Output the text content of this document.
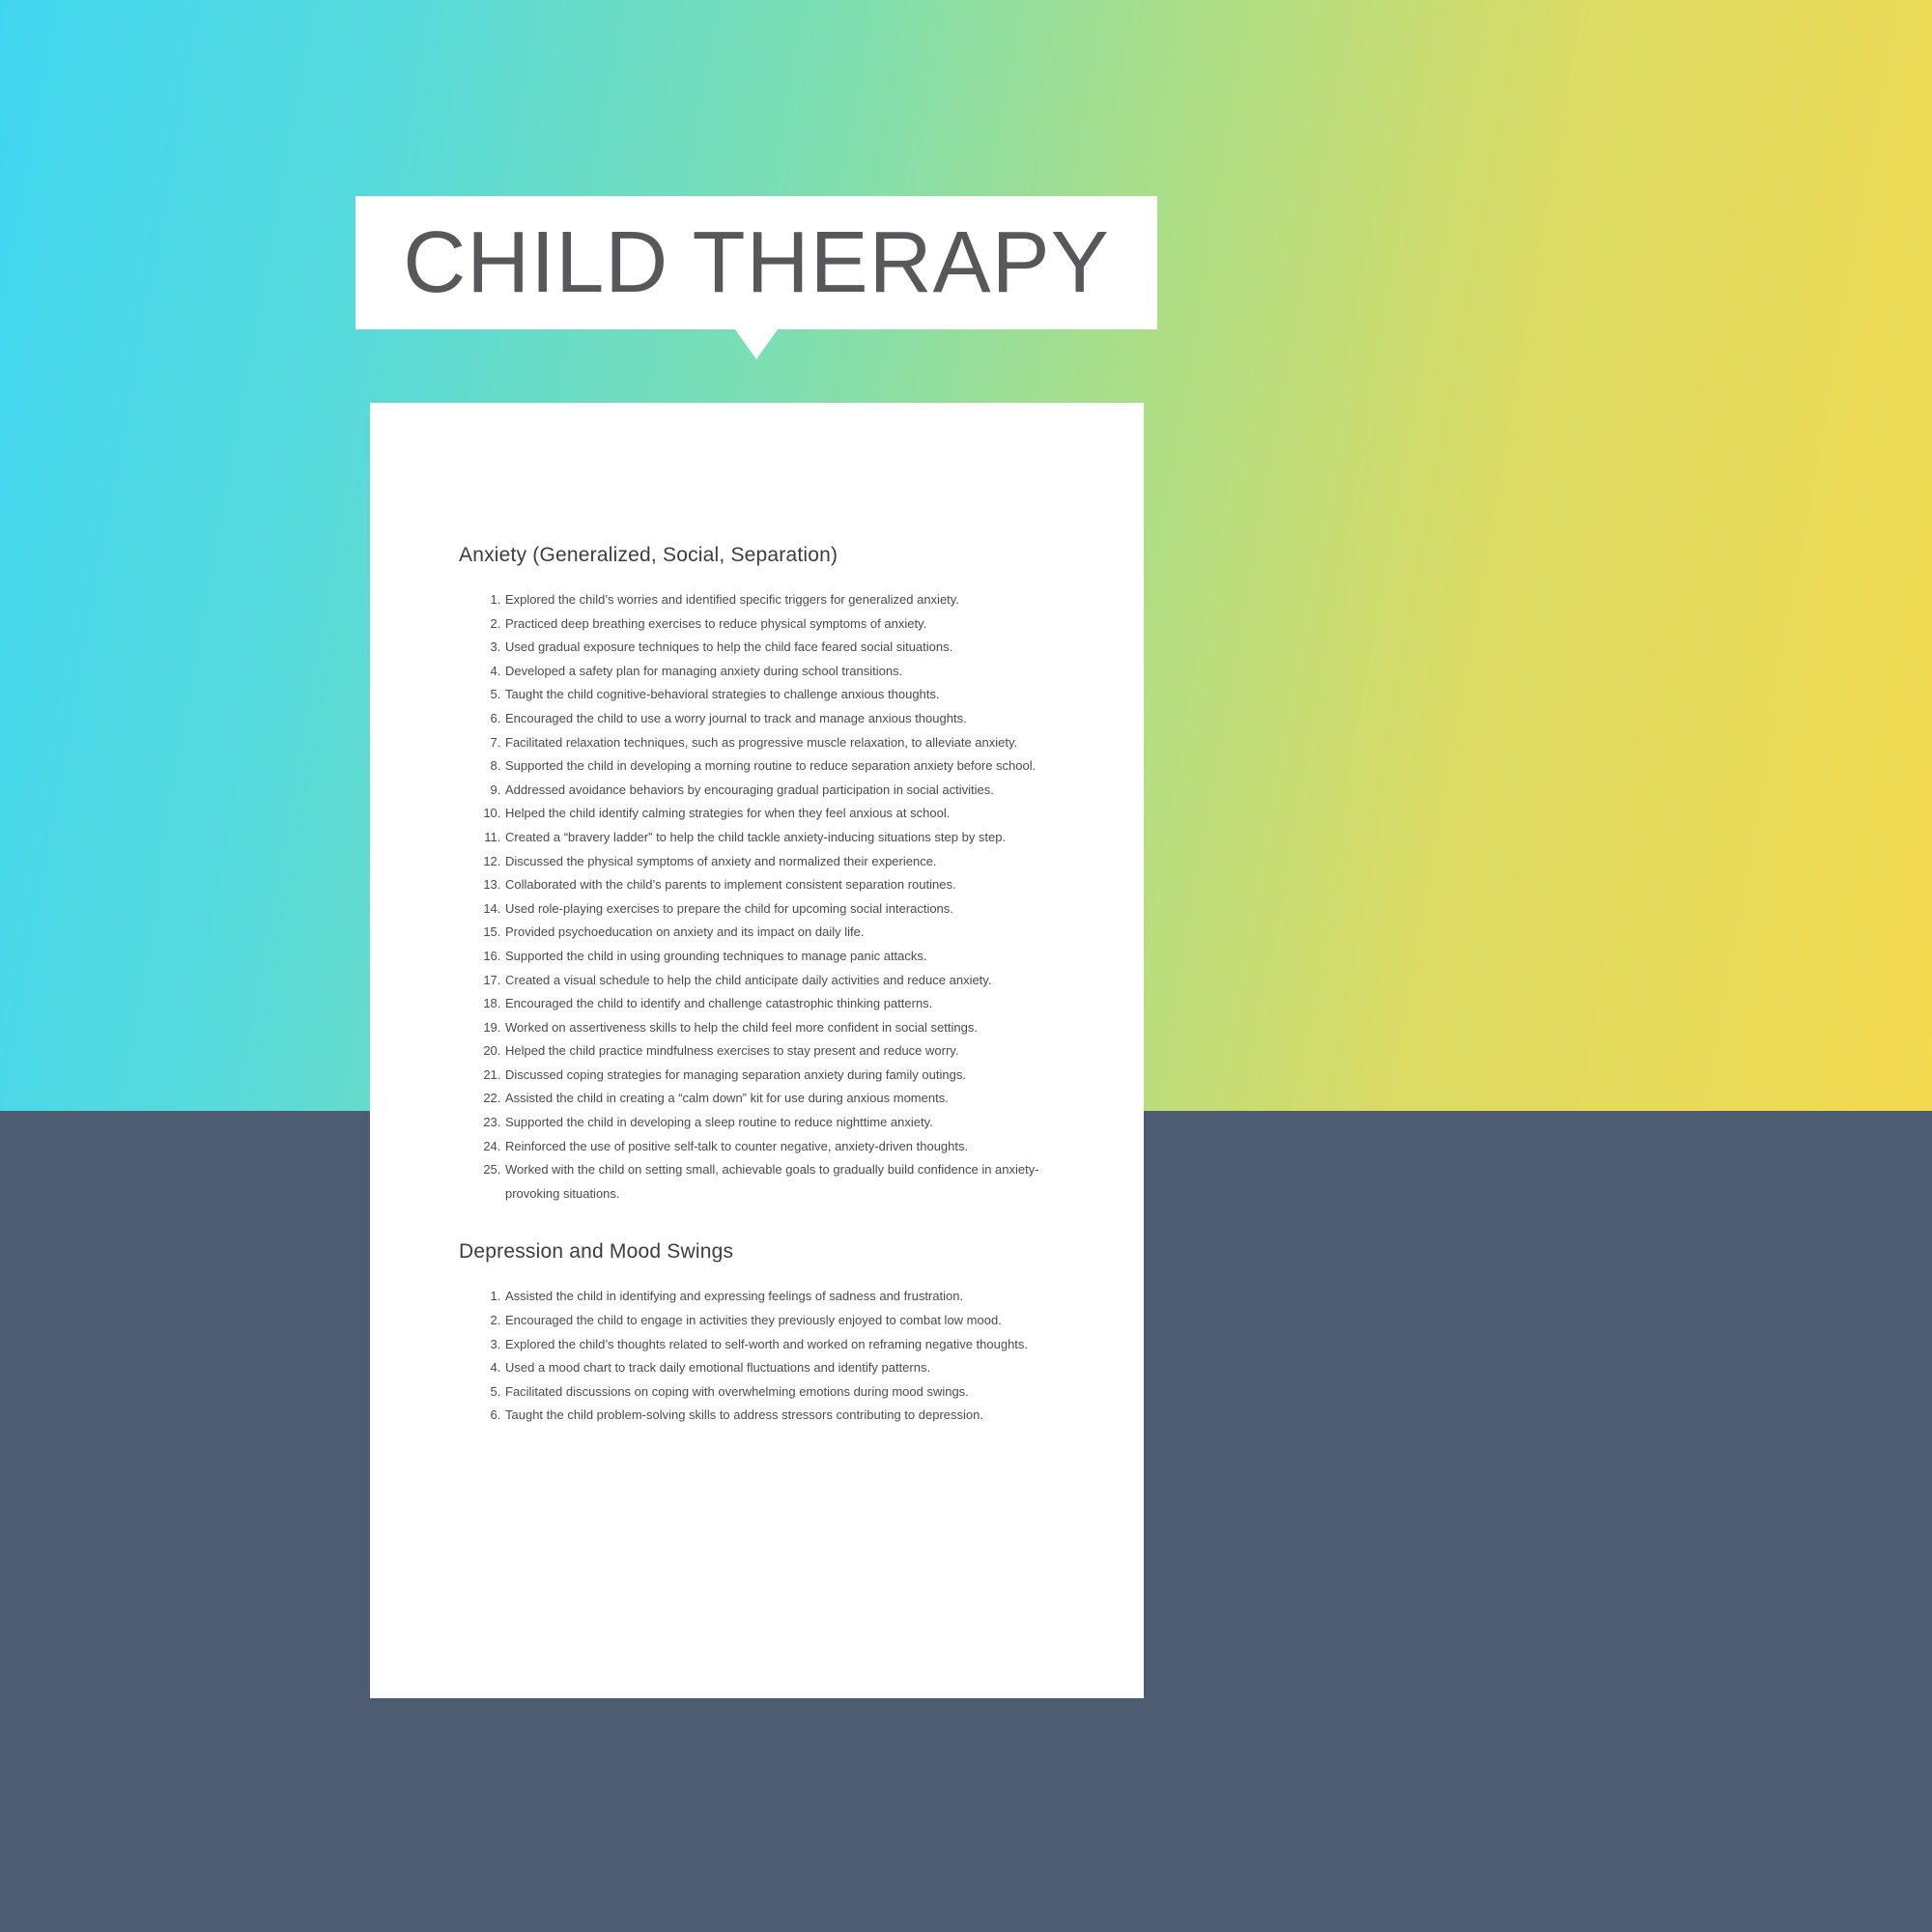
CHILD THERAPY
Anxiety (Generalized, Social, Separation)
1. Explored the child’s worries and identified specific triggers for generalized anxiety.
2. Practiced deep breathing exercises to reduce physical symptoms of anxiety.
3. Used gradual exposure techniques to help the child face feared social situations.
4. Developed a safety plan for managing anxiety during school transitions.
5. Taught the child cognitive-behavioral strategies to challenge anxious thoughts.
6. Encouraged the child to use a worry journal to track and manage anxious thoughts.
7. Facilitated relaxation techniques, such as progressive muscle relaxation, to alleviate anxiety.
8. Supported the child in developing a morning routine to reduce separation anxiety before school.
9. Addressed avoidance behaviors by encouraging gradual participation in social activities.
10. Helped the child identify calming strategies for when they feel anxious at school.
11. Created a “bravery ladder” to help the child tackle anxiety-inducing situations step by step.
12. Discussed the physical symptoms of anxiety and normalized their experience.
13. Collaborated with the child’s parents to implement consistent separation routines.
14. Used role-playing exercises to prepare the child for upcoming social interactions.
15. Provided psychoeducation on anxiety and its impact on daily life.
16. Supported the child in using grounding techniques to manage panic attacks.
17. Created a visual schedule to help the child anticipate daily activities and reduce anxiety.
18. Encouraged the child to identify and challenge catastrophic thinking patterns.
19. Worked on assertiveness skills to help the child feel more confident in social settings.
20. Helped the child practice mindfulness exercises to stay present and reduce worry.
21. Discussed coping strategies for managing separation anxiety during family outings.
22. Assisted the child in creating a “calm down” kit for use during anxious moments.
23. Supported the child in developing a sleep routine to reduce nighttime anxiety.
24. Reinforced the use of positive self-talk to counter negative, anxiety-driven thoughts.
25. Worked with the child on setting small, achievable goals to gradually build confidence in anxiety-provoking situations.
Depression and Mood Swings
1. Assisted the child in identifying and expressing feelings of sadness and frustration.
2. Encouraged the child to engage in activities they previously enjoyed to combat low mood.
3. Explored the child’s thoughts related to self-worth and worked on reframing negative thoughts.
4. Used a mood chart to track daily emotional fluctuations and identify patterns.
5. Facilitated discussions on coping with overwhelming emotions during mood swings.
6. Taught the child problem-solving skills to address stressors contributing to depression.
